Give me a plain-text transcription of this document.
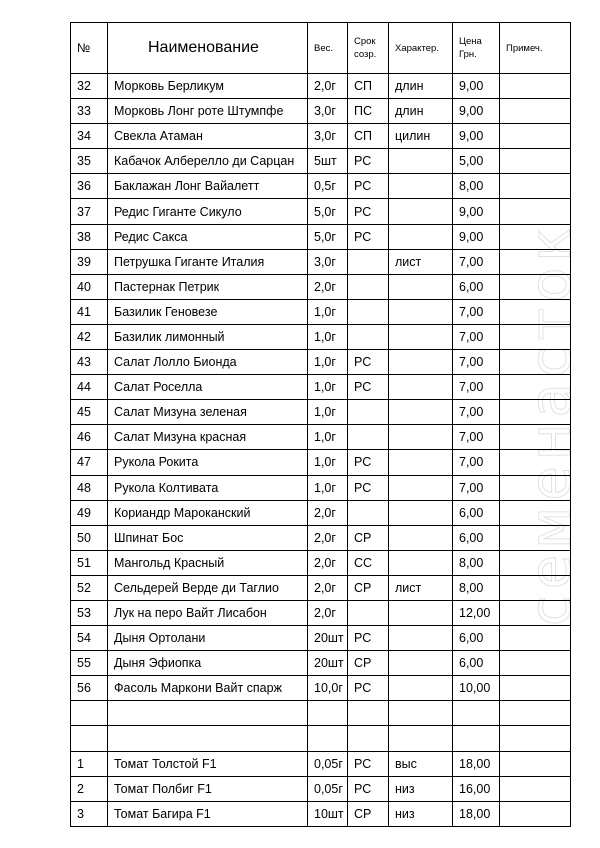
семенасток
№	Наименование	Вес.	Срок созр.	Характер.	Цена Грн.	Примеч.
32	Морковь Берликум	2,0г	СП	длин	9,00	
33	Морковь Лонг роте Штумпфе	3,0г	ПС	длин	9,00	
34	Свекла Атаман	3,0г	СП	цилин	9,00	
35	Кабачок Алберелло ди Сарцан	5шт	РС		5,00	
36	Баклажан Лонг Вайалетт	0,5г	РС		8,00	
37	Редис Гиганте Сикуло	5,0г	РС		9,00	
38	Редис Сакса	5,0г	РС		9,00	
39	Петрушка Гиганте Италия	3,0г		лист	7,00	
40	Пастернак Петрик	2,0г			6,00	
41	Базилик Геновезе	1,0г			7,00	
42	Базилик лимонный	1,0г			7,00	
43	Салат Лолло Бионда	1,0г	РС		7,00	
44	Салат Роселла	1,0г	РС		7,00	
45	Салат Мизуна зеленая	1,0г			7,00	
46	Салат Мизуна красная	1,0г			7,00	
47	Рукола Рокита	1,0г	РС		7,00	
48	Рукола Колтивата	1,0г	РС		7,00	
49	Кориандр Мароканский	2,0г			6,00	
50	Шпинат Бос	2,0г	СР		6,00	
51	Мангольд Красный	2,0г	СС		8,00	
52	Сельдерей Верде ди Таглио	2,0г	СР	лист	8,00	
53	Лук на перо Вайт Лисабон	2,0г			12,00	
54	Дыня Ортолани	20шт	РС		6,00	
55	Дыня Эфиопка	20шт	СР		6,00	
56	Фасоль Маркони Вайт спарж	10,0г	РС		10,00	

1	Томат Толстой F1	0,05г	РС	выс	18,00	
2	Томат Полбиг F1	0,05г	РС	низ	16,00	
3	Томат Багира F1	10шт	СР	низ	18,00	
